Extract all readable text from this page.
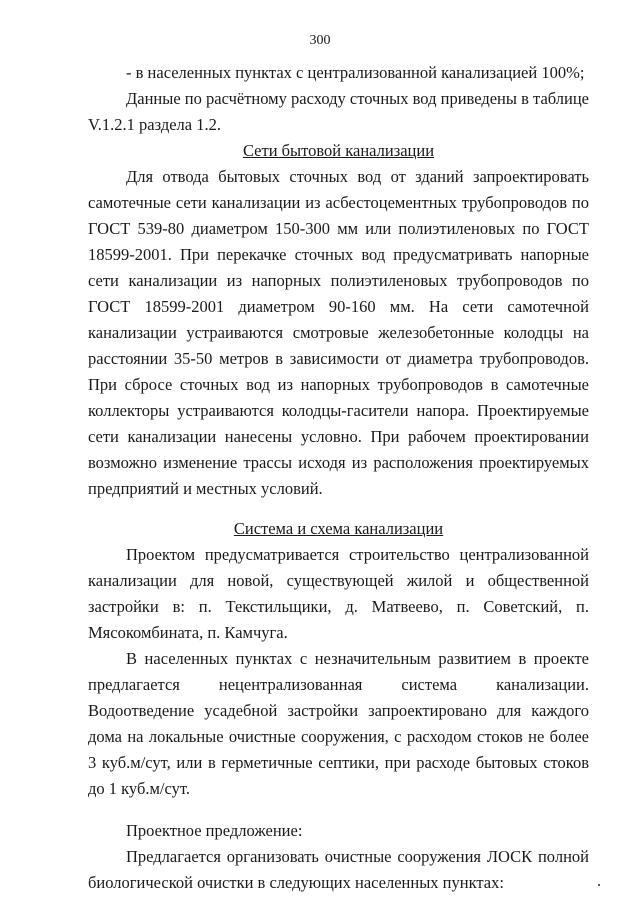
300

- в населенных пунктах с централизованной канализацией 100%;

Данные по расчётному расходу сточных вод приведены в таблице V.1.2.1 раздела 1.2.

Сети бытовой канализации

Для отвода бытовых сточных вод от зданий запроектировать самотечные сети канализации из асбестоцементных трубопроводов по ГОСТ 539-80 диаметром 150-300 мм или полиэтиленовых по ГОСТ 18599-2001. При перекачке сточных вод предусматривать напорные сети канализации из напорных полиэтиленовых трубопроводов по ГОСТ 18599-2001 диаметром 90-160 мм. На сети самотечной канализации устраиваются смотровые железобетонные колодцы на расстоянии 35-50 метров в зависимости от диаметра трубопроводов. При сбросе сточных вод из напорных трубопроводов в самотечные коллекторы устраиваются колодцы-гасители напора. Проектируемые сети канализации нанесены условно. При рабочем проектировании возможно изменение трассы исходя из расположения проектируемых предприятий и местных условий.

Система и схема канализации

Проектом предусматривается строительство централизованной канализации для новой, существующей жилой и общественной застройки в: п. Текстильщики, д. Матвеево, п. Советский, п. Мясокомбината, п. Камчуга.

В населенных пунктах с незначительным развитием в проекте предлагается нецентрализованная система канализации. Водоотведение усадебной застройки запроектировано для каждого дома на локальные очистные сооружения, с расходом стоков не более 3 куб.м/сут, или в герметичные септики, при расходе бытовых стоков до 1 куб.м/сут.

Проектное предложение:

Предлагается организовать очистные сооружения ЛОСК полной биологической очистки в следующих населенных пунктах:
